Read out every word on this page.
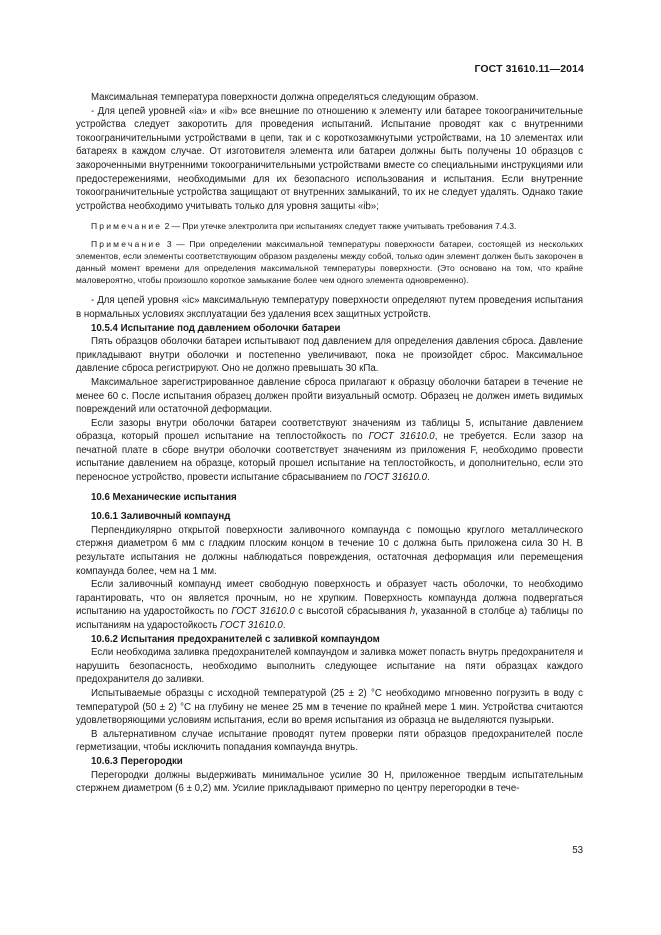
ГОСТ 31610.11—2014

Максимальная температура поверхности должна определяться следующим образом.

- Для цепей уровней «ia» и «ib» все внешние по отношению к элементу или батарее токоограничительные устройства следует закоротить для проведения испытаний. Испытание проводят как с внутренними токоограничительными устройствами в цепи, так и с короткозамкнутыми устройствами, на 10 элементах или батареях в каждом случае. От изготовителя элемента или батареи должны быть получены 10 образцов с закороченными внутренними токоограничительными устройствами вместе со специальными инструкциями или предостережениями, необходимыми для их безопасного использования и испытания. Если внутренние токоограничительные устройства защищают от внутренних замыканий, то их не следует удалять. Однако такие устройства необходимо учитывать только для уровня защиты «ib»;

Примечание 2 — При утечке электролита при испытаниях следует также учитывать требования 7.4.3.

Примечание 3 — При определении максимальной температуры поверхности батареи, состоящей из нескольких элементов, если элементы соответствующим образом разделены между собой, только один элемент должен быть закорочен в данный момент времени для определения максимальной температуры поверхности. (Это основано на том, что крайне маловероятно, чтобы произошло короткое замыкание более чем одного элемента одновременно).

- Для цепей уровня «ic» максимальную температуру поверхности определяют путем проведения испытания в нормальных условиях эксплуатации без удаления всех защитных устройств.

10.5.4 Испытание под давлением оболочки батареи

Пять образцов оболочки батареи испытывают под давлением для определения давления сброса. Давление прикладывают внутри оболочки и постепенно увеличивают, пока не произойдет сброс. Максимальное давление сброса регистрируют. Оно не должно превышать 30 кПа.

Максимальное зарегистрированное давление сброса прилагают к образцу оболочки батареи в течение не менее 60 с. После испытания образец должен пройти визуальный осмотр. Образец не должен иметь видимых повреждений или остаточной деформации.

Если зазоры внутри оболочки батареи соответствуют значениям из таблицы 5, испытание давлением образца, который прошел испытание на теплостойкость по ГОСТ 31610.0, не требуется. Если зазор на печатной плате в сборе внутри оболочки соответствует значениям из приложения F, необходимо провести испытание давлением на образце, который прошел испытание на теплостойкость, и дополнительно, если это переносное устройство, провести испытание сбрасыванием по ГОСТ 31610.0.

10.6 Механические испытания
10.6.1 Заливочный компаунд

Перпендикулярно открытой поверхности заливочного компаунда с помощью круглого металлического стержня диаметром 6 мм с гладким плоским концом в течение 10 с должна быть приложена сила 30 Н. В результате испытания не должны наблюдаться повреждения, остаточная деформация или перемещения компаунда более, чем на 1 мм.

Если заливочный компаунд имеет свободную поверхность и образует часть оболочки, то необходимо гарантировать, что он является прочным, но не хрупким. Поверхность компаунда должна подвергаться испытанию на ударостойкость по ГОСТ 31610.0 с высотой сбрасывания h, указанной в столбце а) таблицы по испытаниям на ударостойкость ГОСТ 31610.0.

10.6.2 Испытания предохранителей с заливкой компаундом

Если необходима заливка предохранителей компаундом и заливка может попасть внутрь предохранителя и нарушить безопасность, необходимо выполнить следующее испытание на пяти образцах каждого предохранителя до заливки.

Испытываемые образцы с исходной температурой (25 ± 2) °С необходимо мгновенно погрузить в воду с температурой (50 ± 2) °С на глубину не менее 25 мм в течение по крайней мере 1 мин. Устройства считаются удовлетворяющими условиям испытания, если во время испытания из образца не выделяются пузырьки.

В альтернативном случае испытание проводят путем проверки пяти образцов предохранителей после герметизации, чтобы исключить попадания компаунда внутрь.

10.6.3 Перегородки

Перегородки должны выдерживать минимальное усилие 30 Н, приложенное твердым испытательным стержнем диаметром (6 ± 0,2) мм. Усилие прикладывают примерно по центру перегородки в тече-

53
